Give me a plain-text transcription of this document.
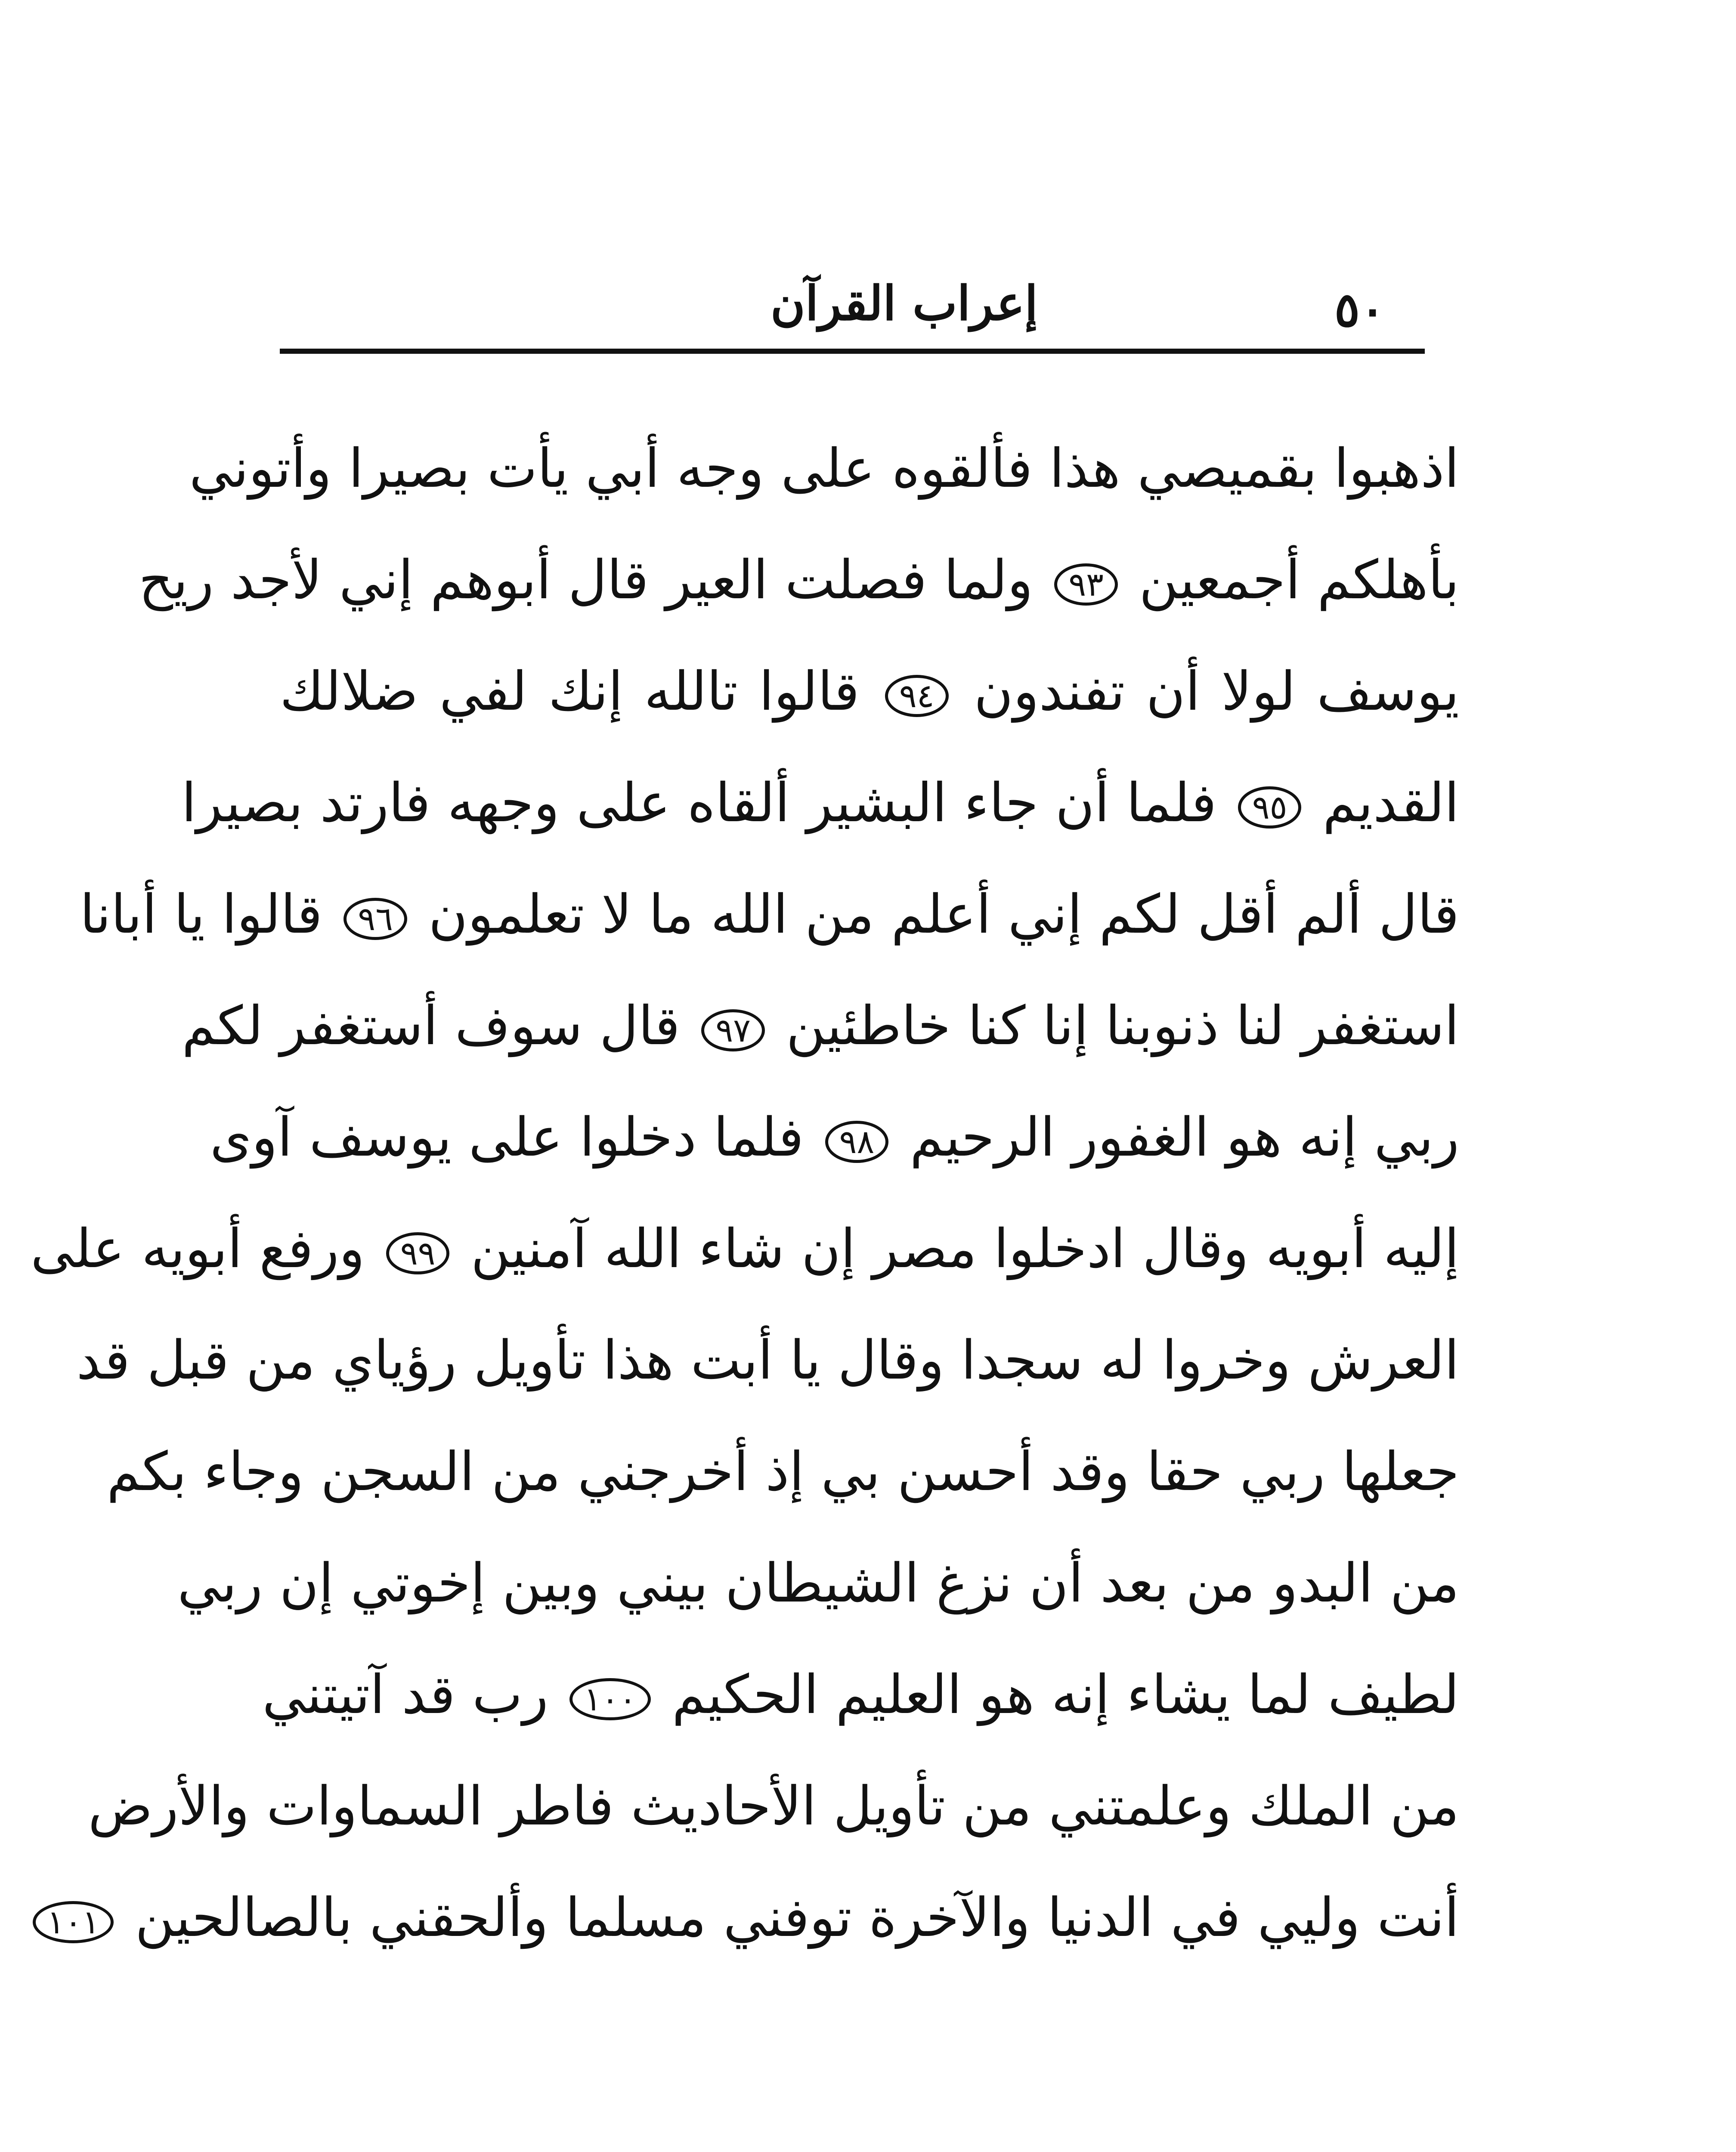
٥٠
إعراب القرآن
اذهبوا بقميصي هذا فألقوه على وجه أبي يأت بصيرا وأتوني
بأهلكم أجمعين ٩٣ ولما فصلت العير قال أبوهم إني لأجد ريح
يوسف لولا أن تفندون ٩٤ قالوا تالله إنك لفي ضلالك
القديم ٩٥ فلما أن جاء البشير ألقاه على وجهه فارتد بصيرا
قال ألم أقل لكم إني أعلم من الله ما لا تعلمون ٩٦ قالوا يا أبانا
استغفر لنا ذنوبنا إنا كنا خاطئين ٩٧ قال سوف أستغفر لكم
ربي إنه هو الغفور الرحيم ٩٨ فلما دخلوا على يوسف آوى
إليه أبويه وقال ادخلوا مصر إن شاء الله آمنين ٩٩ ورفع أبويه على
العرش وخروا له سجدا وقال يا أبت هذا تأويل رؤياي من قبل قد
جعلها ربي حقا وقد أحسن بي إذ أخرجني من السجن وجاء بكم
من البدو من بعد أن نزغ الشيطان بيني وبين إخوتي إن ربي
لطيف لما يشاء إنه هو العليم الحكيم ١٠٠ رب قد آتيتني
من الملك وعلمتني من تأويل الأحاديث فاطر السماوات والأرض
أنت وليي في الدنيا والآخرة توفني مسلما وألحقني بالصالحين ١٠١
